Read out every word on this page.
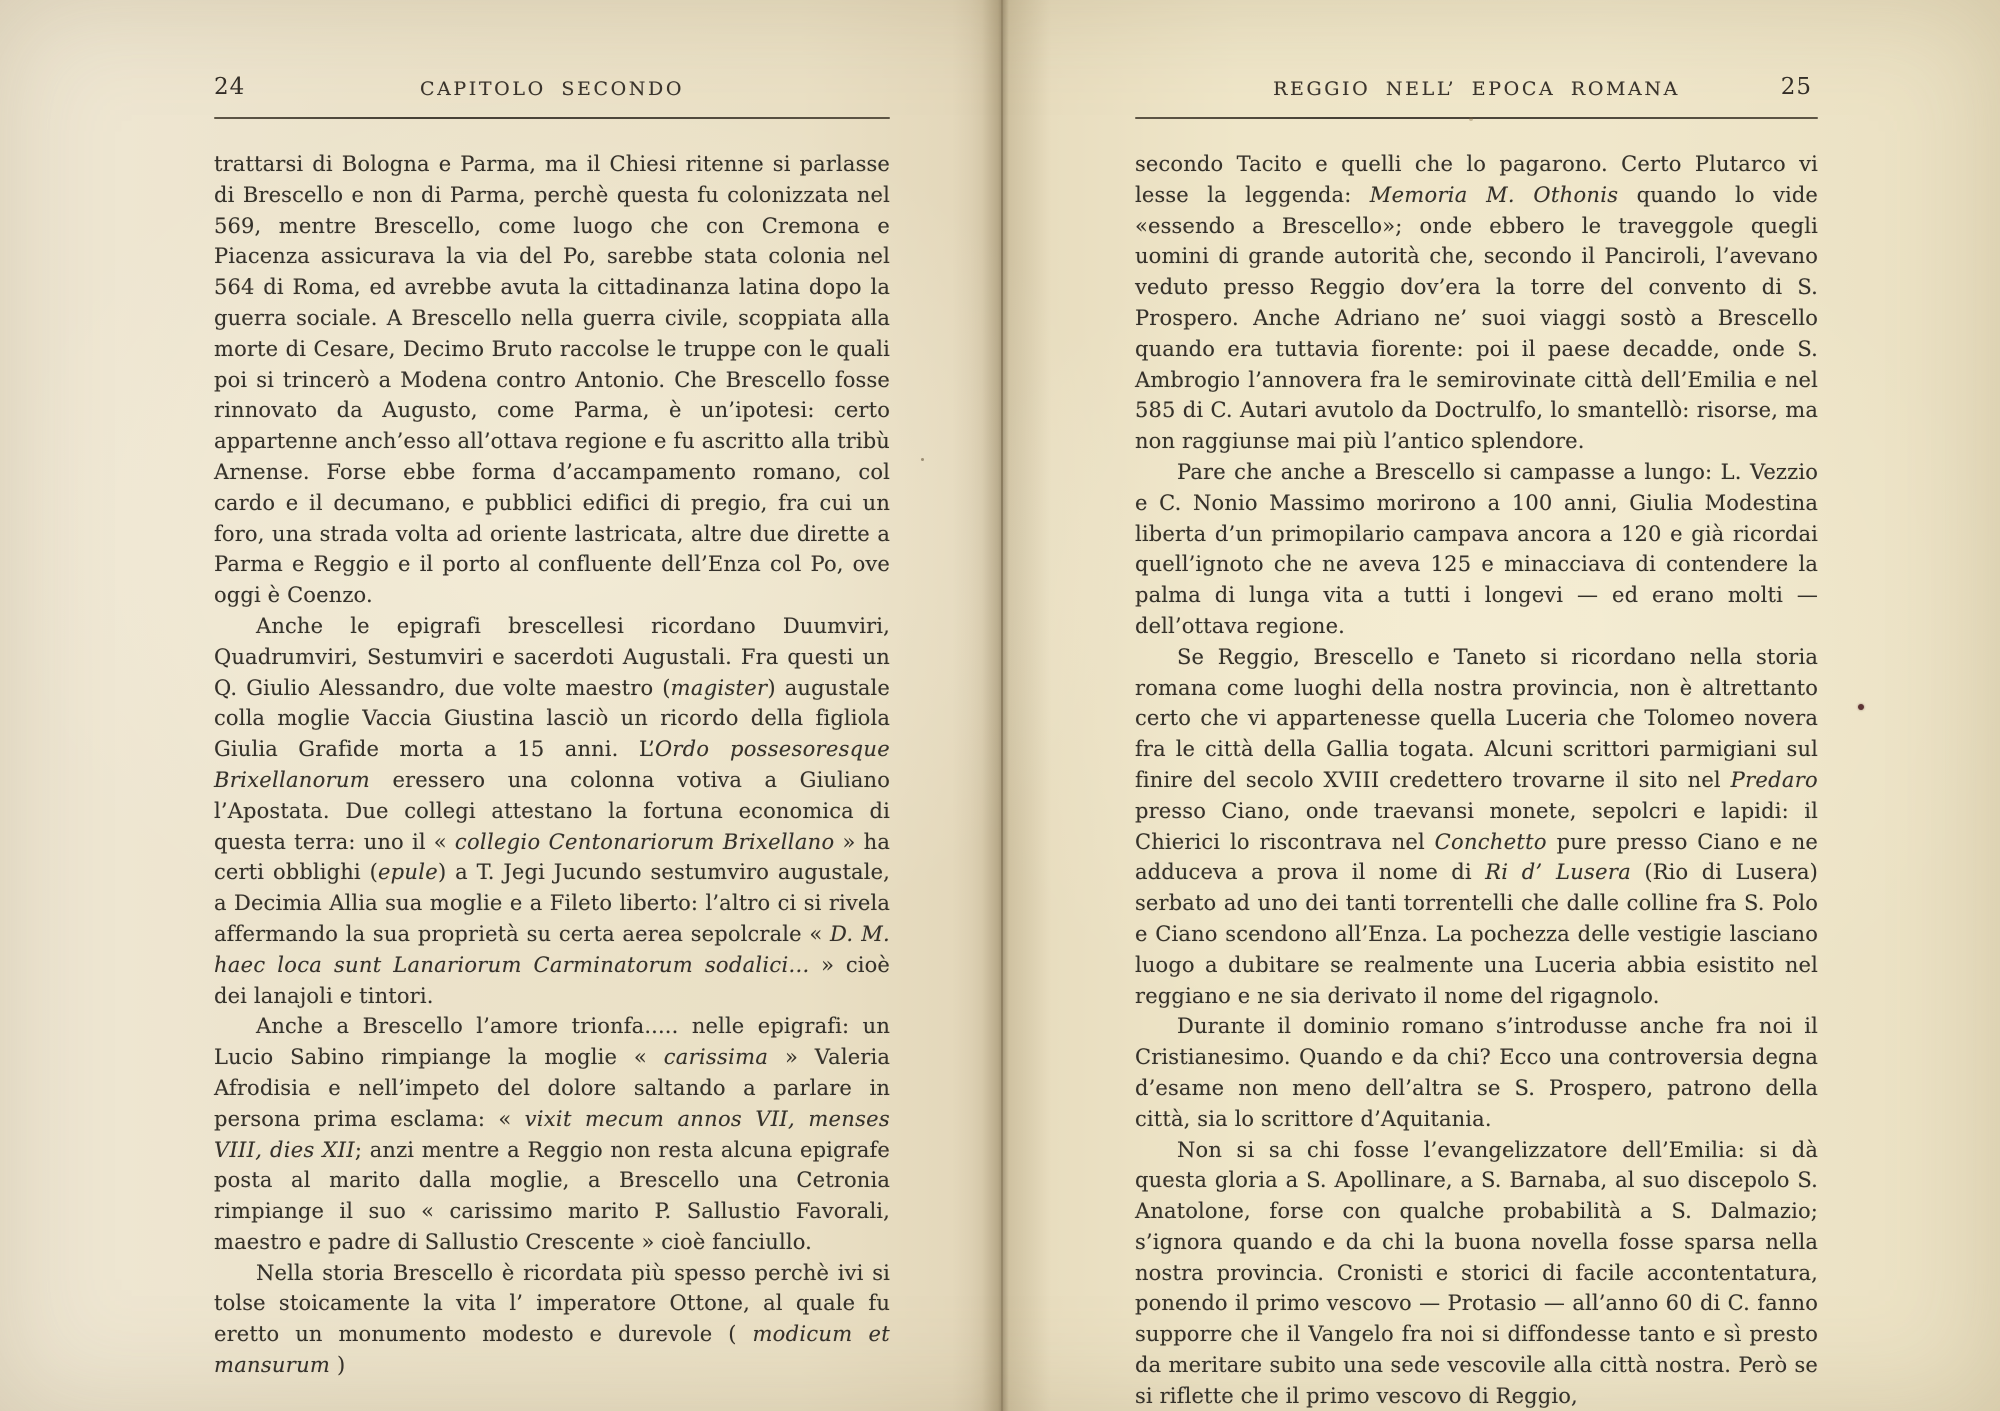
24	CAPITOLO SECONDO

trattarsi di Bologna e Parma, ma il Chiesi ritenne si parlasse di Brescello e non di Parma, perchè questa fu colonizzata nel 569, mentre Brescello, come luogo che con Cremona e Piacenza assicurava la via del Po, sarebbe stata colonia nel 564 di Roma, ed avrebbe avuta la cittadinanza latina dopo la guerra sociale. A Brescello nella guerra civile, scoppiata alla morte di Cesare, Decimo Bruto raccolse le truppe con le quali poi si trincerò a Modena contro Antonio. Che Brescello fosse rinnovato da Augusto, come Parma, è un’ipotesi: certo appartenne anch’esso all’ottava regione e fu ascritto alla tribù Arnense. Forse ebbe forma d’accampamento romano, col cardo e il decumano, e pubblici edifici di pregio, fra cui un foro, una strada volta ad oriente lastricata, altre due dirette a Parma e Reggio e il porto al confluente dell’Enza col Po, ove oggi è Coenzo.

Anche le epigrafi brescellesi ricordano Duumviri, Quadrumviri, Sestumviri e sacerdoti Augustali. Fra questi un Q. Giulio Alessandro, due volte maestro (magister) augustale colla moglie Vaccia Giustina lasciò un ricordo della figliola Giulia Grafide morta a 15 anni. L’Ordo possesoresque Brixellanorum eressero una colonna votiva a Giuliano l’Apostata. Due collegi attestano la fortuna economica di questa terra: uno il « collegio Centonariorum Brixellano » ha certi obblighi (epule) a T. Jegi Jucundo sestumviro augustale, a Decimia Allia sua moglie e a Fileto liberto: l’altro ci si rivela affermando la sua proprietà su certa aerea sepolcrale « D. M. haec loca sunt Lanariorum Carminatorum sodalici... » cioè dei lanajoli e tintori.

Anche a Brescello l’amore trionfa..... nelle epigrafi: un Lucio Sabino rimpiange la moglie « carissima » Valeria Afrodisia e nell’impeto del dolore saltando a parlare in persona prima esclama: « vixit mecum annos VII, menses VIII, dies XII; anzi mentre a Reggio non resta alcuna epigrafe posta al marito dalla moglie, a Brescello una Cetronia rimpiange il suo « carissimo marito P. Sallustio Favorali, maestro e padre di Sallustio Crescente » cioè fanciullo.

Nella storia Brescello è ricordata più spesso perchè ivi si tolse stoicamente la vita l’ imperatore Ottone, al quale fu eretto un monumento modesto e durevole ( modicum et mansurum )

REGGIO NELL’ EPOCA ROMANA	25

secondo Tacito e quelli che lo pagarono. Certo Plutarco vi lesse la leggenda: Memoria M. Othonis quando lo vide «essendo a Brescello»; onde ebbero le traveggole quegli uomini di grande autorità che, secondo il Panciroli, l’avevano veduto presso Reggio dov’era la torre del convento di S. Prospero. Anche Adriano ne’ suoi viaggi sostò a Brescello quando era tuttavia fiorente: poi il paese decadde, onde S. Ambrogio l’annovera fra le semirovinate città dell’Emilia e nel 585 di C. Autari avutolo da Doctrulfo, lo smantellò: risorse, ma non raggiunse mai più l’antico splendore.

Pare che anche a Brescello si campasse a lungo: L. Vezzio e C. Nonio Massimo morirono a 100 anni, Giulia Modestina liberta d’un primopilario campava ancora a 120 e già ricordai quell’ignoto che ne aveva 125 e minacciava di contendere la palma di lunga vita a tutti i longevi — ed erano molti — dell’ottava regione.

Se Reggio, Brescello e Taneto si ricordano nella storia romana come luoghi della nostra provincia, non è altrettanto certo che vi appartenesse quella Luceria che Tolomeo novera fra le città della Gallia togata. Alcuni scrittori parmigiani sul finire del secolo XVIII credettero trovarne il sito nel Predaro presso Ciano, onde traevansi monete, sepolcri e lapidi: il Chierici lo riscontrava nel Conchetto pure presso Ciano e ne adduceva a prova il nome di Ri d’ Lusera (Rio di Lusera) serbato ad uno dei tanti torrentelli che dalle colline fra S. Polo e Ciano scendono all’Enza. La pochezza delle vestigie lasciano luogo a dubitare se realmente una Luceria abbia esistito nel reggiano e ne sia derivato il nome del rigagnolo.

Durante il dominio romano s’introdusse anche fra noi il Cristianesimo. Quando e da chi? Ecco una controversia degna d’esame non meno dell’altra se S. Prospero, patrono della città, sia lo scrittore d’Aquitania.

Non si sa chi fosse l’evangelizzatore dell’Emilia: si dà questa gloria a S. Apollinare, a S. Barnaba, al suo discepolo S. Anatolone, forse con qualche probabilità a S. Dalmazio; s’ignora quando e da chi la buona novella fosse sparsa nella nostra provincia. Cronisti e storici di facile accontentatura, ponendo il primo vescovo — Protasio — all’anno 60 di C. fanno supporre che il Vangelo fra noi si diffondesse tanto e sì presto da meritare subito una sede vescovile alla città nostra. Però se si riflette che il primo vescovo di Reggio,
